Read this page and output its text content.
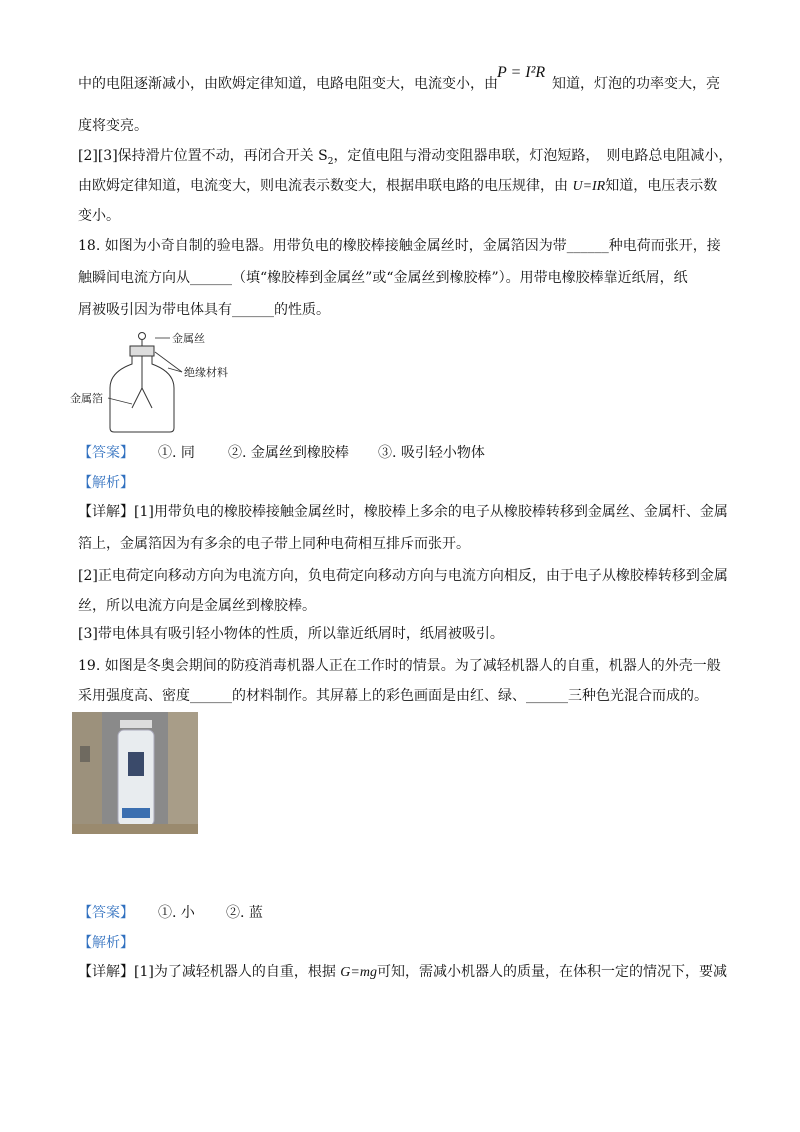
中的电阻逐渐减小，由欧姆定律知道，电路电阻变大，电流变小，由
P = I²R
知道，灯泡的功率变大，亮
度将变亮。
[2][3]保持滑片位置不动，再闭合开关 $S_2$，定值电阻与滑动变阻器串联，灯泡短路，　则电路总电阻减小，
由欧姆定律知道，电流变大，则电流表示数变大，根据串联电路的电压规律，由 U=IR知道，电压表示数
变小。
18. 如图为小奇自制的验电器。用带负电的橡胶棒接触金属丝时，金属箔因为带______种电荷而张开，接
触瞬间电流方向从______（填“橡胶棒到金属丝”或“金属丝到橡胶棒”）。用带电橡胶棒靠近纸屑，纸
屑被吸引因为带电体具有______的性质。
金属丝
绝缘材料
金属箔
【答案】 ①. 同 ②. 金属丝到橡胶棒 ③. 吸引轻小物体
【解析】
【详解】[1]用带负电的橡胶棒接触金属丝时，橡胶棒上多余的电子从橡胶棒转移到金属丝、金属杆、金属
箔上，金属箔因为有多余的电子带上同种电荷相互排斥而张开。
[2]正电荷定向移动方向为电流方向，负电荷定向移动方向与电流方向相反，由于电子从橡胶棒转移到金属
丝，所以电流方向是金属丝到橡胶棒。
[3]带电体具有吸引轻小物体的性质，所以靠近纸屑时，纸屑被吸引。
19. 如图是冬奥会期间的防疫消毒机器人正在工作时的情景。为了减轻机器人的自重，机器人的外壳一般
采用强度高、密度______的材料制作。其屏幕上的彩色画面是由红、绿、______三种色光混合而成的。
【答案】 ①. 小 ②. 蓝
【解析】
【详解】[1]为了减轻机器人的自重，根据 G=mg可知，需减小机器人的质量，在体积一定的情况下，要减
